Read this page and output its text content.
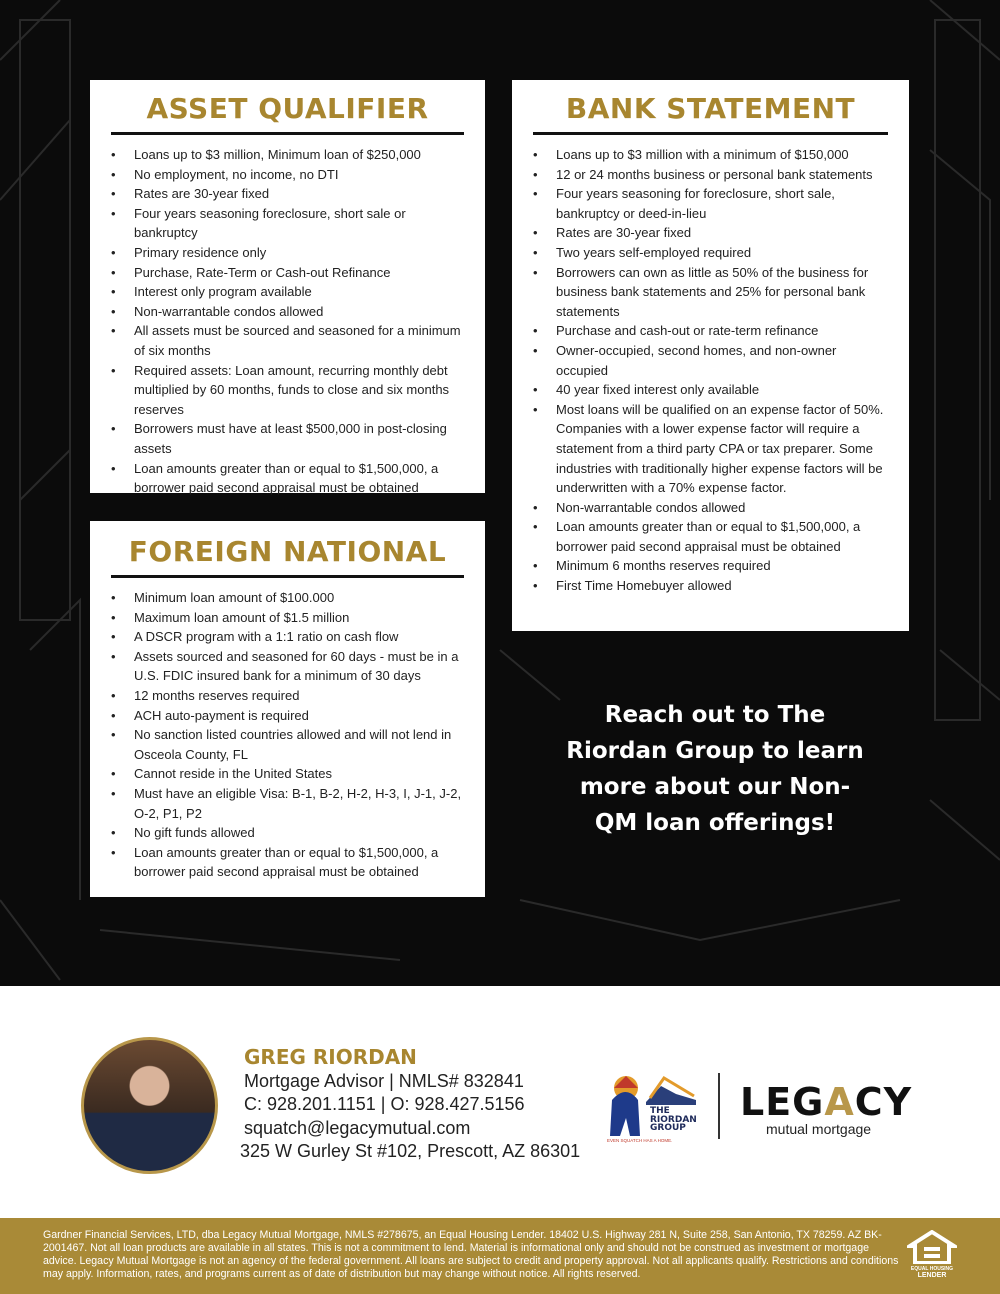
ASSET QUALIFIER
• Loans up to $3 million, Minimum loan of $250,000
• No employment, no income, no DTI
• Rates are 30-year fixed
• Four years seasoning foreclosure, short sale or bankruptcy
• Primary residence only
• Purchase, Rate-Term or Cash-out Refinance
• Interest only program available
• Non-warrantable condos allowed
• All assets must be sourced and seasoned for a minimum of six months
• Required assets: Loan amount, recurring monthly debt multiplied by 60 months, funds to close and six months reserves
• Borrowers must have at least $500,000 in post-closing assets
• Loan amounts greater than or equal to $1,500,000, a borrower paid second appraisal must be obtained
BANK STATEMENT
• Loans up to $3 million with a minimum of $150,000
• 12 or 24 months business or personal bank statements
• Four years seasoning for foreclosure, short sale, bankruptcy or deed-in-lieu
• Rates are 30-year fixed
• Two years self-employed required
• Borrowers can own as little as 50% of the business for business bank statements and 25% for personal bank statements
• Purchase and cash-out or rate-term refinance
• Owner-occupied, second homes, and non-owner occupied
• 40 year fixed interest only available
• Most loans will be qualified on an expense factor of 50%. Companies with a lower expense factor will require a statement from a third party CPA or tax preparer. Some industries with traditionally higher expense factors will be underwritten with a 70% expense factor.
• Non-warrantable condos allowed
• Loan amounts greater than or equal to $1,500,000, a borrower paid second appraisal must be obtained
• Minimum 6 months reserves required
• First Time Homebuyer allowed
FOREIGN NATIONAL
• Minimum loan amount of $100.000
• Maximum loan amount of $1.5 million
• A DSCR program with a 1:1 ratio on cash flow
• Assets sourced and seasoned for 60 days - must be in a U.S. FDIC insured bank for a minimum of 30 days
• 12 months reserves required
• ACH auto-payment is required
• No sanction listed countries allowed and will not lend in Osceola County, FL
• Cannot reside in the United States
• Must have an eligible Visa: B-1, B-2, H-2, H-3, I, J-1, J-2, O-2, P1, P2
• No gift funds allowed
• Loan amounts greater than or equal to $1,500,000, a borrower paid second appraisal must be obtained
Reach out to The Riordan Group to learn more about our Non-QM loan offerings!
GREG RIORDAN
Mortgage Advisor | NMLS# 832841
C: 928.201.1151 | O: 928.427.5156
squatch@legacymutual.com
325 W Gurley St #102, Prescott, AZ 86301
EVEN SQUATCH HAS A HOME.
THE RIORDAN GROUP
LEGACY
mutual mortgage

Gardner Financial Services, LTD, dba Legacy Mutual Mortgage, NMLS #278675, an Equal Housing Lender. 18402 U.S. Highway 281 N, Suite 258, San Antonio, TX 78259. AZ BK-2001467. Not all loan products are available in all states. This is not a commitment to lend. Material is informational only and should not be construed as investment or mortgage advice. Legacy Mutual Mortgage is not an agency of the federal government. All loans are subject to credit and property approval. Not all applicants qualify. Restrictions and conditions may apply. Information, rates, and programs current as of date of distribution but may change without notice. All rights reserved.	EQUAL HOUSING
LENDER
